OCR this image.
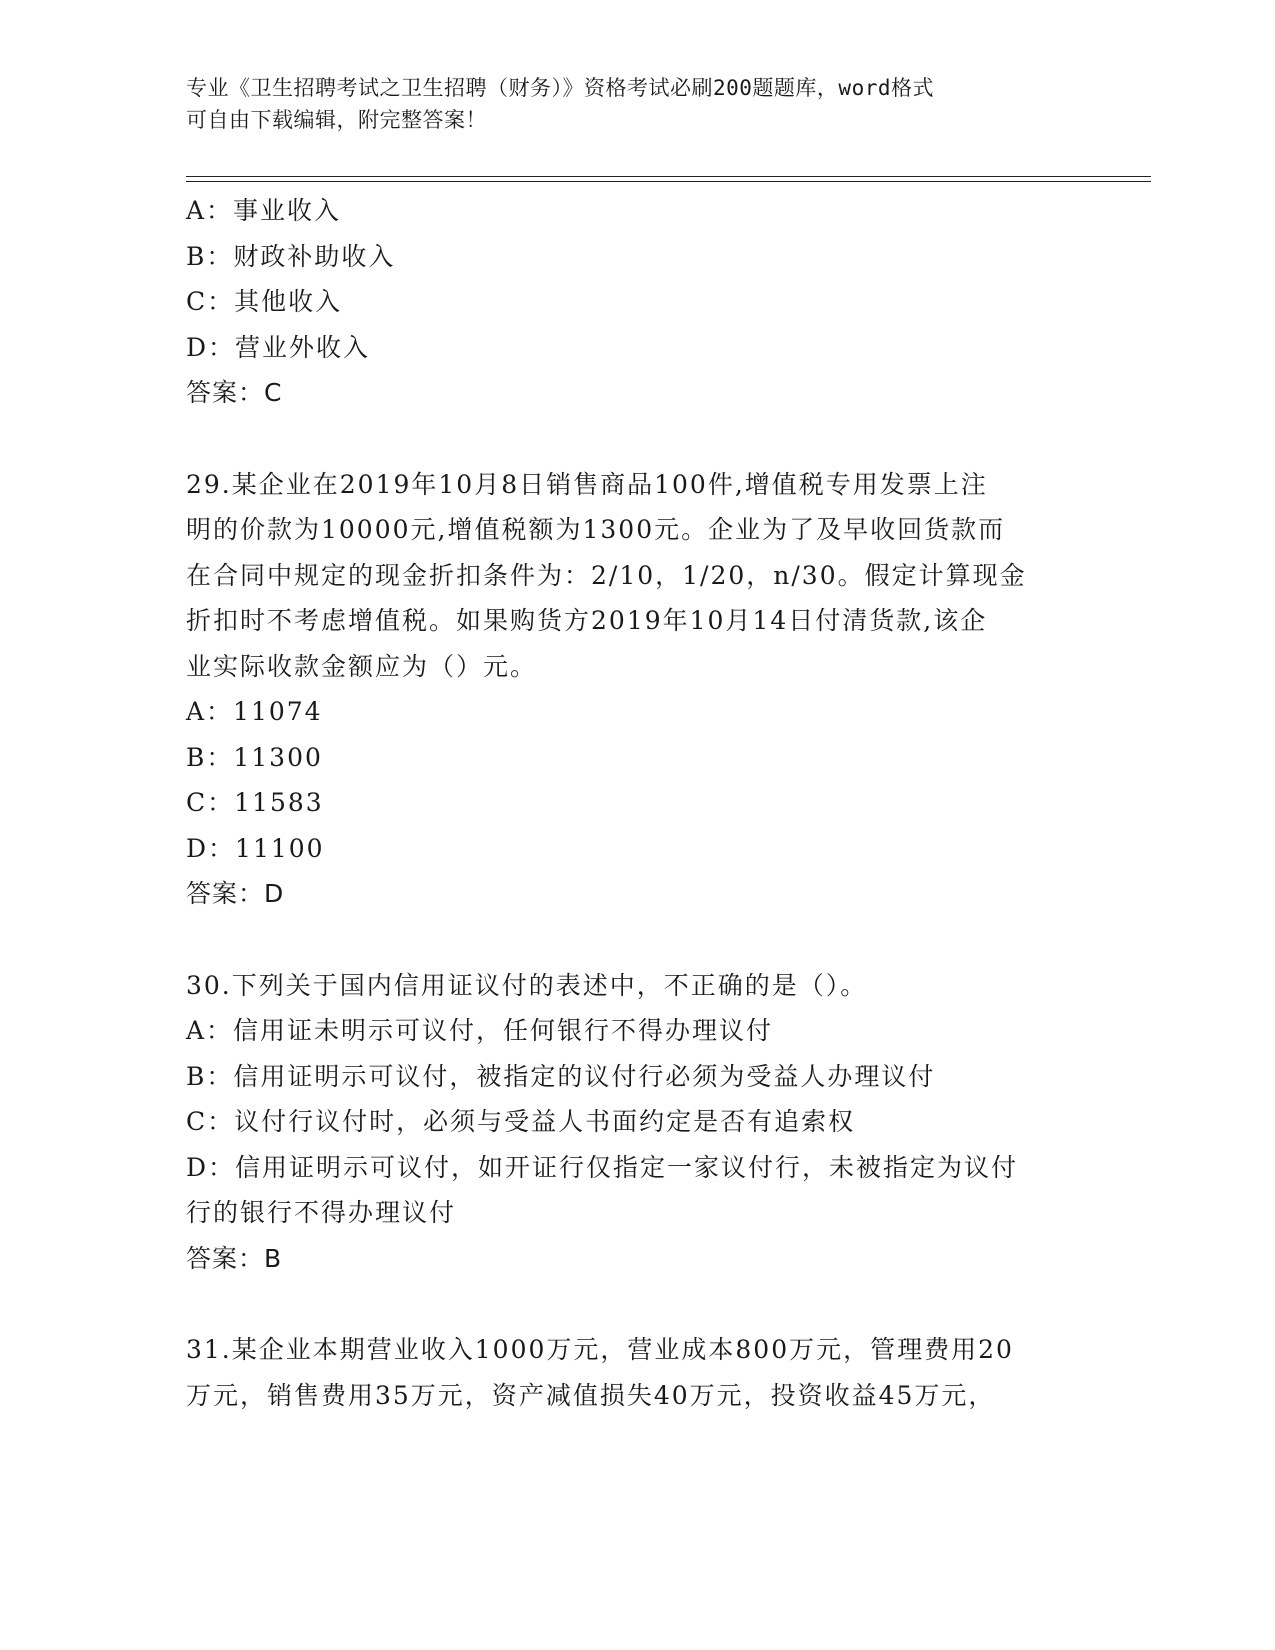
专业《卫生招聘考试之卫生招聘（财务）》资格考试必刷200题题库，word格式
可自由下载编辑，附完整答案！
A：事业收入
B：财政补助收入
C：其他收入
D：营业外收入
答案：C
29.某企业在2019年10月8日销售商品100件,增值税专用发票上注
明的价款为10000元,增值税额为1300元。企业为了及早收回货款而
在合同中规定的现金折扣条件为：2/10，1/20，n/30。假定计算现金
折扣时不考虑增值税。如果购货方2019年10月14日付清货款,该企
业实际收款金额应为（）元。
A：11074
B：11300
C：11583
D：11100
答案：D
30.下列关于国内信用证议付的表述中，不正确的是（）。
A：信用证未明示可议付，任何银行不得办理议付
B：信用证明示可议付，被指定的议付行必须为受益人办理议付
C：议付行议付时，必须与受益人书面约定是否有追索权
D：信用证明示可议付，如开证行仅指定一家议付行，未被指定为议付
行的银行不得办理议付
答案：B
31.某企业本期营业收入1000万元，营业成本800万元，管理费用20
万元，销售费用35万元，资产减值损失40万元，投资收益45万元，
